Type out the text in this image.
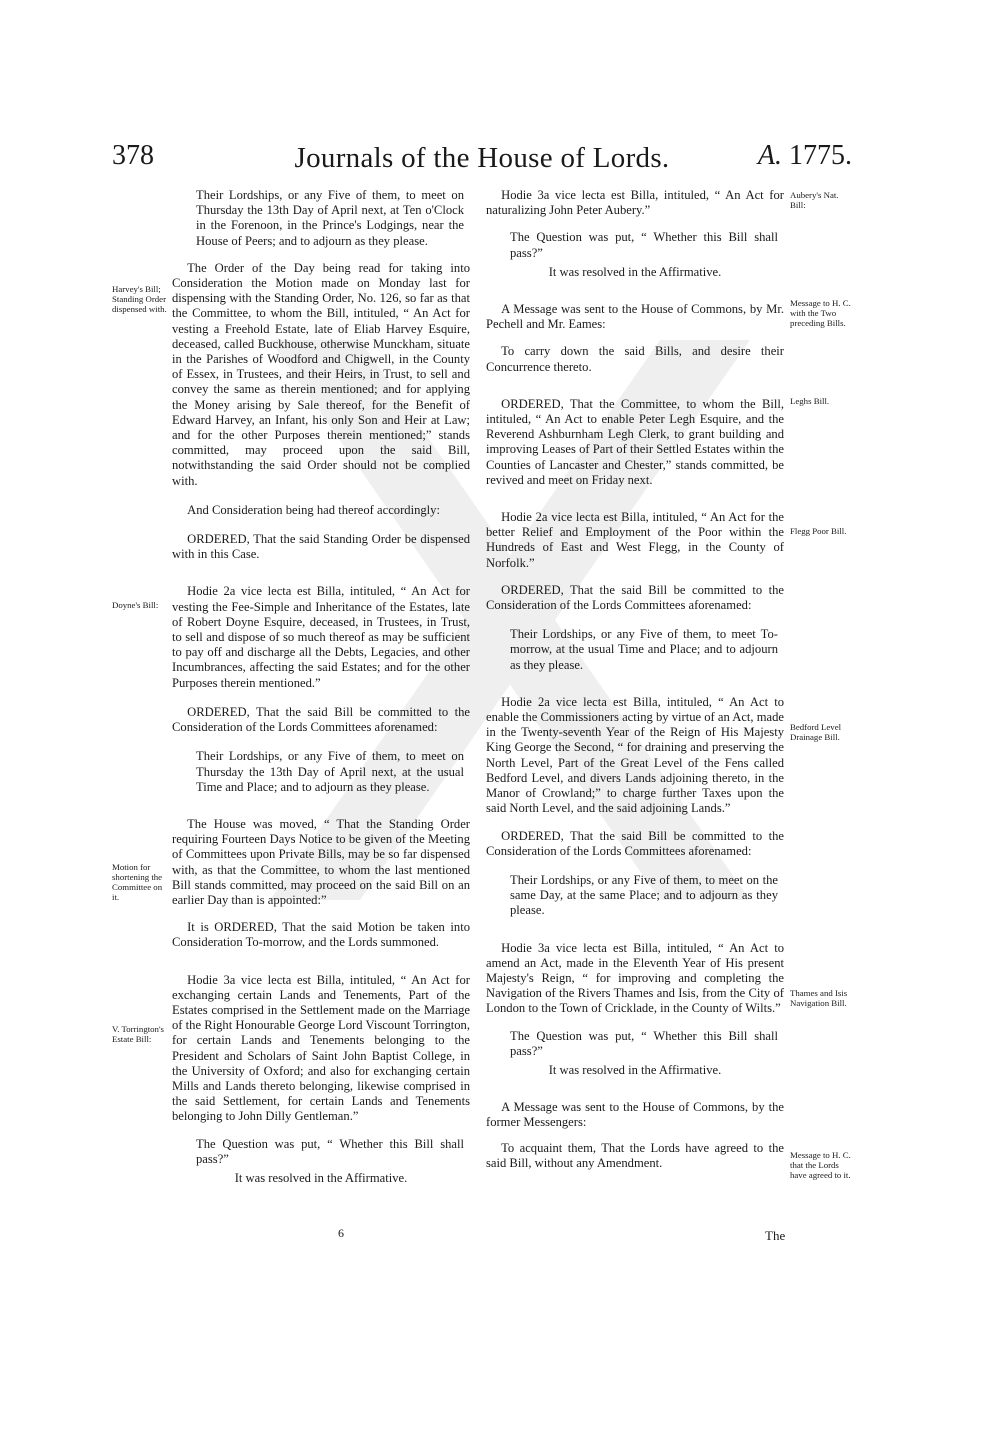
378	Journals of the House of Lords.	A. 1775.

Their Lordships, or any Five of them, to meet on Thursday the 13th Day of April next, at Ten o'Clock in the Forenoon, in the Prince's Lodgings, near the House of Peers; and to adjourn as they please.

The Order of the Day being read for taking into Consideration the Motion made on Monday last for dispensing with the Standing Order, No. 126, so far as that the Committee, to whom the Bill, intituled, “ An Act for vesting a Freehold Estate, late of Eliab Harvey Esquire, deceased, called Buckhouse, otherwise Munckham, situate in the Parishes of Woodford and Chigwell, in the County of Essex, in Trustees, and their Heirs, in Trust, to sell and convey the same as therein mentioned; and for applying the Money arising by Sale thereof, for the Benefit of Edward Harvey, an Infant, his only Son and Heir at Law; and for the other Purposes therein mentioned;” stands committed, may proceed upon the said Bill, notwithstanding the said Order should not be complied with.

And Consideration being had thereof accordingly:

ORDERED, That the said Standing Order be dispensed with in this Case.

Hodie 2a vice lecta est Billa, intituled, “ An Act for vesting the Fee-Simple and Inheritance of the Estates, late of Robert Doyne Esquire, deceased, in Trustees, in Trust, to sell and dispose of so much thereof as may be sufficient to pay off and discharge all the Debts, Legacies, and other Incumbrances, affecting the said Estates; and for the other Purposes therein mentioned.”

ORDERED, That the said Bill be committed to the Consideration of the Lords Committees aforenamed:

Their Lordships, or any Five of them, to meet on Thursday the 13th Day of April next, at the usual Time and Place; and to adjourn as they please.

The House was moved, “ That the Standing Order requiring Fourteen Days Notice to be given of the Meeting of Committees upon Private Bills, may be so far dispensed with, as that the Committee, to whom the last mentioned Bill stands committed, may proceed on the said Bill on an earlier Day than is appointed:”

It is ORDERED, That the said Motion be taken into Consideration To-morrow, and the Lords summoned.

Hodie 3a vice lecta est Billa, intituled, “ An Act for exchanging certain Lands and Tenements, Part of the Estates comprised in the Settlement made on the Marriage of the Right Honourable George Lord Viscount Torrington, for certain Lands and Tenements belonging to the President and Scholars of Saint John Baptist College, in the University of Oxford; and also for exchanging certain Mills and Lands thereto belonging, likewise comprised in the said Settlement, for certain Lands and Tenements belonging to John Dilly Gentleman.”

The Question was put, “ Whether this Bill shall pass?”

It was resolved in the Affirmative.

Hodie 3a vice lecta est Billa, intituled, “ An Act for naturalizing John Peter Aubery.”

The Question was put, “ Whether this Bill shall pass?”

It was resolved in the Affirmative.

A Message was sent to the House of Commons, by Mr. Pechell and Mr. Eames:

To carry down the said Bills, and desire their Concurrence thereto.

ORDERED, That the Committee, to whom the Bill, intituled, “ An Act to enable Peter Legh Esquire, and the Reverend Ashburnham Legh Clerk, to grant building and improving Leases of Part of their Settled Estates within the Counties of Lancaster and Chester,” stands committed, be revived and meet on Friday next.

Hodie 2a vice lecta est Billa, intituled, “ An Act for the better Relief and Employment of the Poor within the Hundreds of East and West Flegg, in the County of Norfolk.”

ORDERED, That the said Bill be committed to the Consideration of the Lords Committees aforenamed:

Their Lordships, or any Five of them, to meet To-morrow, at the usual Time and Place; and to adjourn as they please.

Hodie 2a vice lecta est Billa, intituled, “ An Act to enable the Commissioners acting by virtue of an Act, made in the Twenty-seventh Year of the Reign of His Majesty King George the Second, “ for draining and preserving the North Level, Part of the Great Level of the Fens called Bedford Level, and divers Lands adjoining thereto, in the Manor of Crowland;” to charge further Taxes upon the said North Level, and the said adjoining Lands.”

ORDERED, That the said Bill be committed to the Consideration of the Lords Committees aforenamed:

Their Lordships, or any Five of them, to meet on the same Day, at the same Place; and to adjourn as they please.

Hodie 3a vice lecta est Billa, intituled, “ An Act to amend an Act, made in the Eleventh Year of His present Majesty's Reign, “ for improving and completing the Navigation of the Rivers Thames and Isis, from the City of London to the Town of Cricklade, in the County of Wilts.”

The Question was put, “ Whether this Bill shall pass?”

It was resolved in the Affirmative.

A Message was sent to the House of Commons, by the former Messengers:

To acquaint them, That the Lords have agreed to the said Bill, without any Amendment.

Harvey's Bill; Standing Order dispensed with.
Doyne's Bill:
Motion for shortening the Committee on it.
V. Torrington's Estate Bill:
Aubery's Nat. Bill:
Message to H. C. with the Two preceding Bills.
Leghs Bill.
Flegg Poor Bill.
Bedford Level Drainage Bill.
Thames and Isis Navigation Bill.
Message to H. C. that the Lords have agreed to it.
6	The
